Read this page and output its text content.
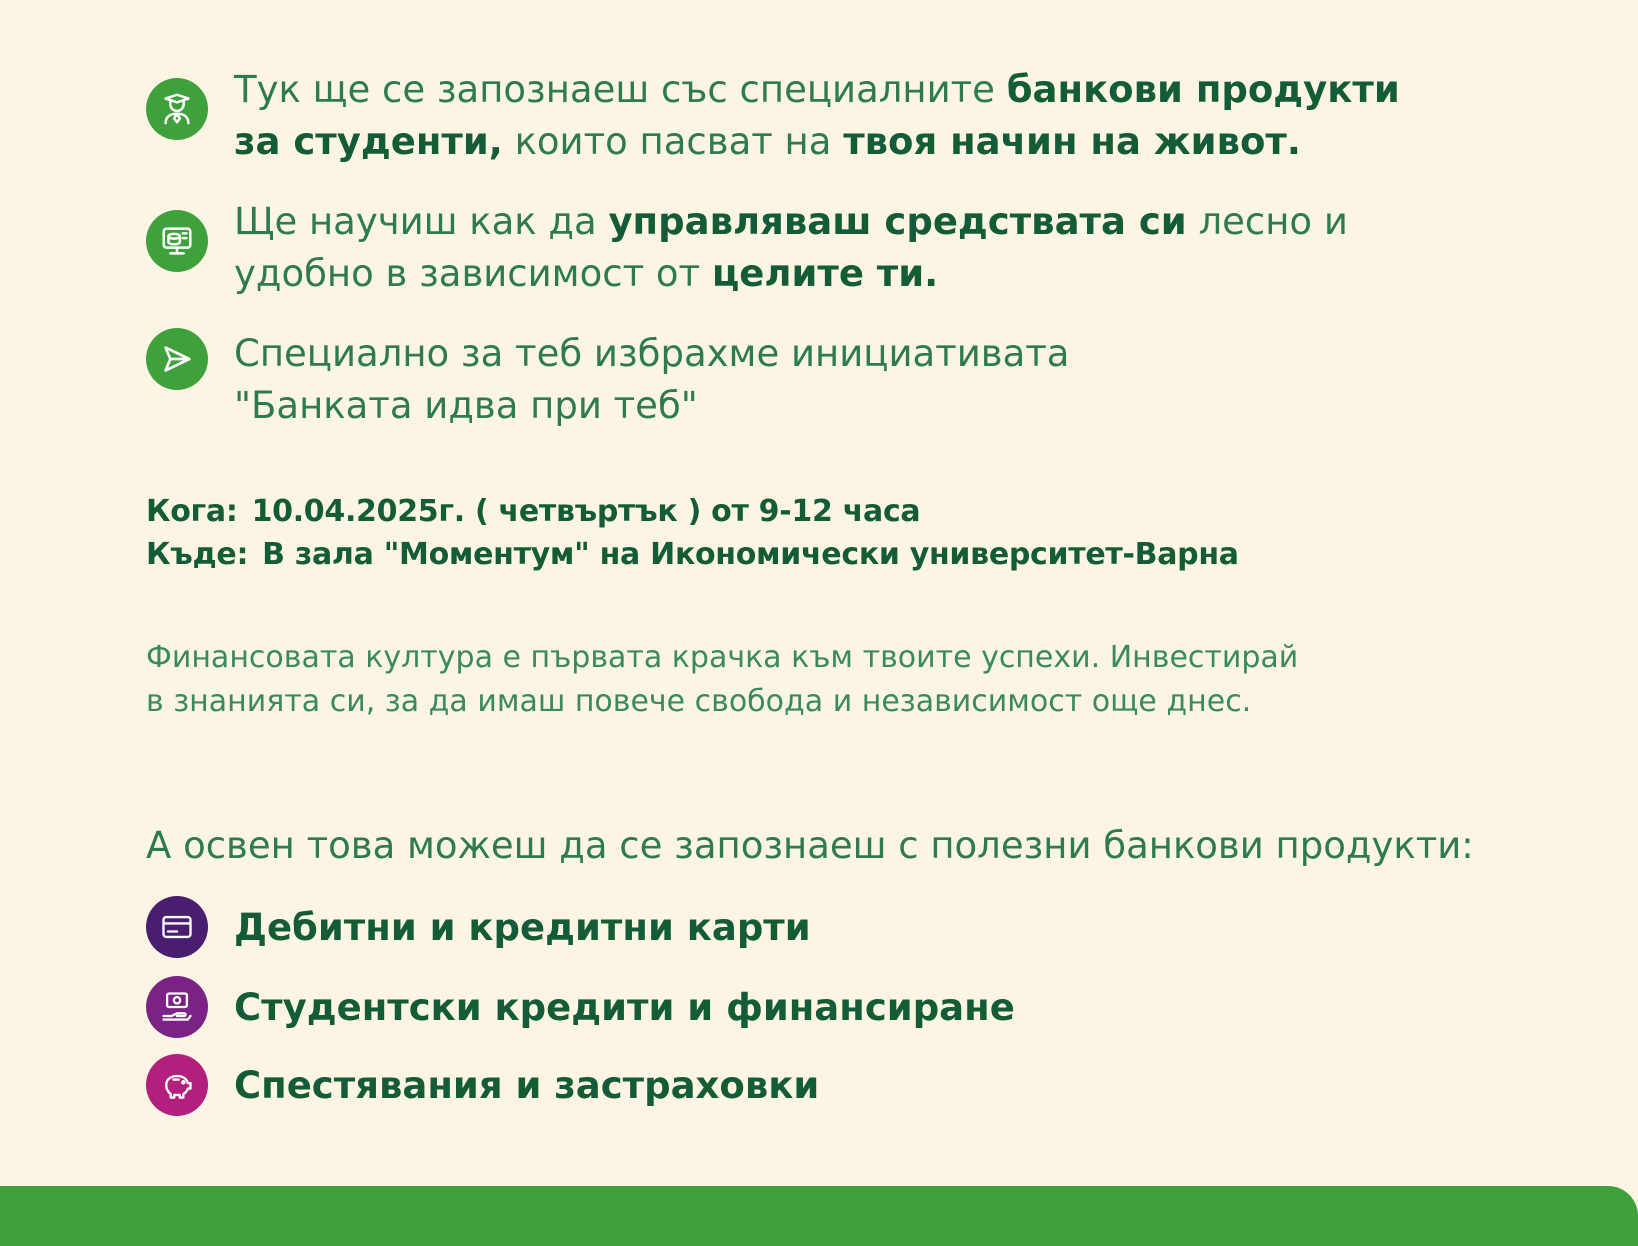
Тук ще се запознаеш със специалните банкови продукти
за студенти, които пасват на твоя начин на живот.
Ще научиш как да управляваш средствата си лесно и
удобно в зависимост от целите ти.
Специално за теб избрахме инициативата
"Банката идва при теб"
Кога: 10.04.2025г. ( четвъртък ) от 9-12 часа
Къде: В зала "Моментум" на Икономически университет-Варна
Финансовата култура е първата крачка към твоите успехи. Инвестирай
в знанията си, за да имаш повече свобода и независимост още днес.
А освен това можеш да се запознаеш с полезни банкови продукти:
Дебитни и кредитни карти
Студентски кредити и финансиране
Спестявания и застраховки
